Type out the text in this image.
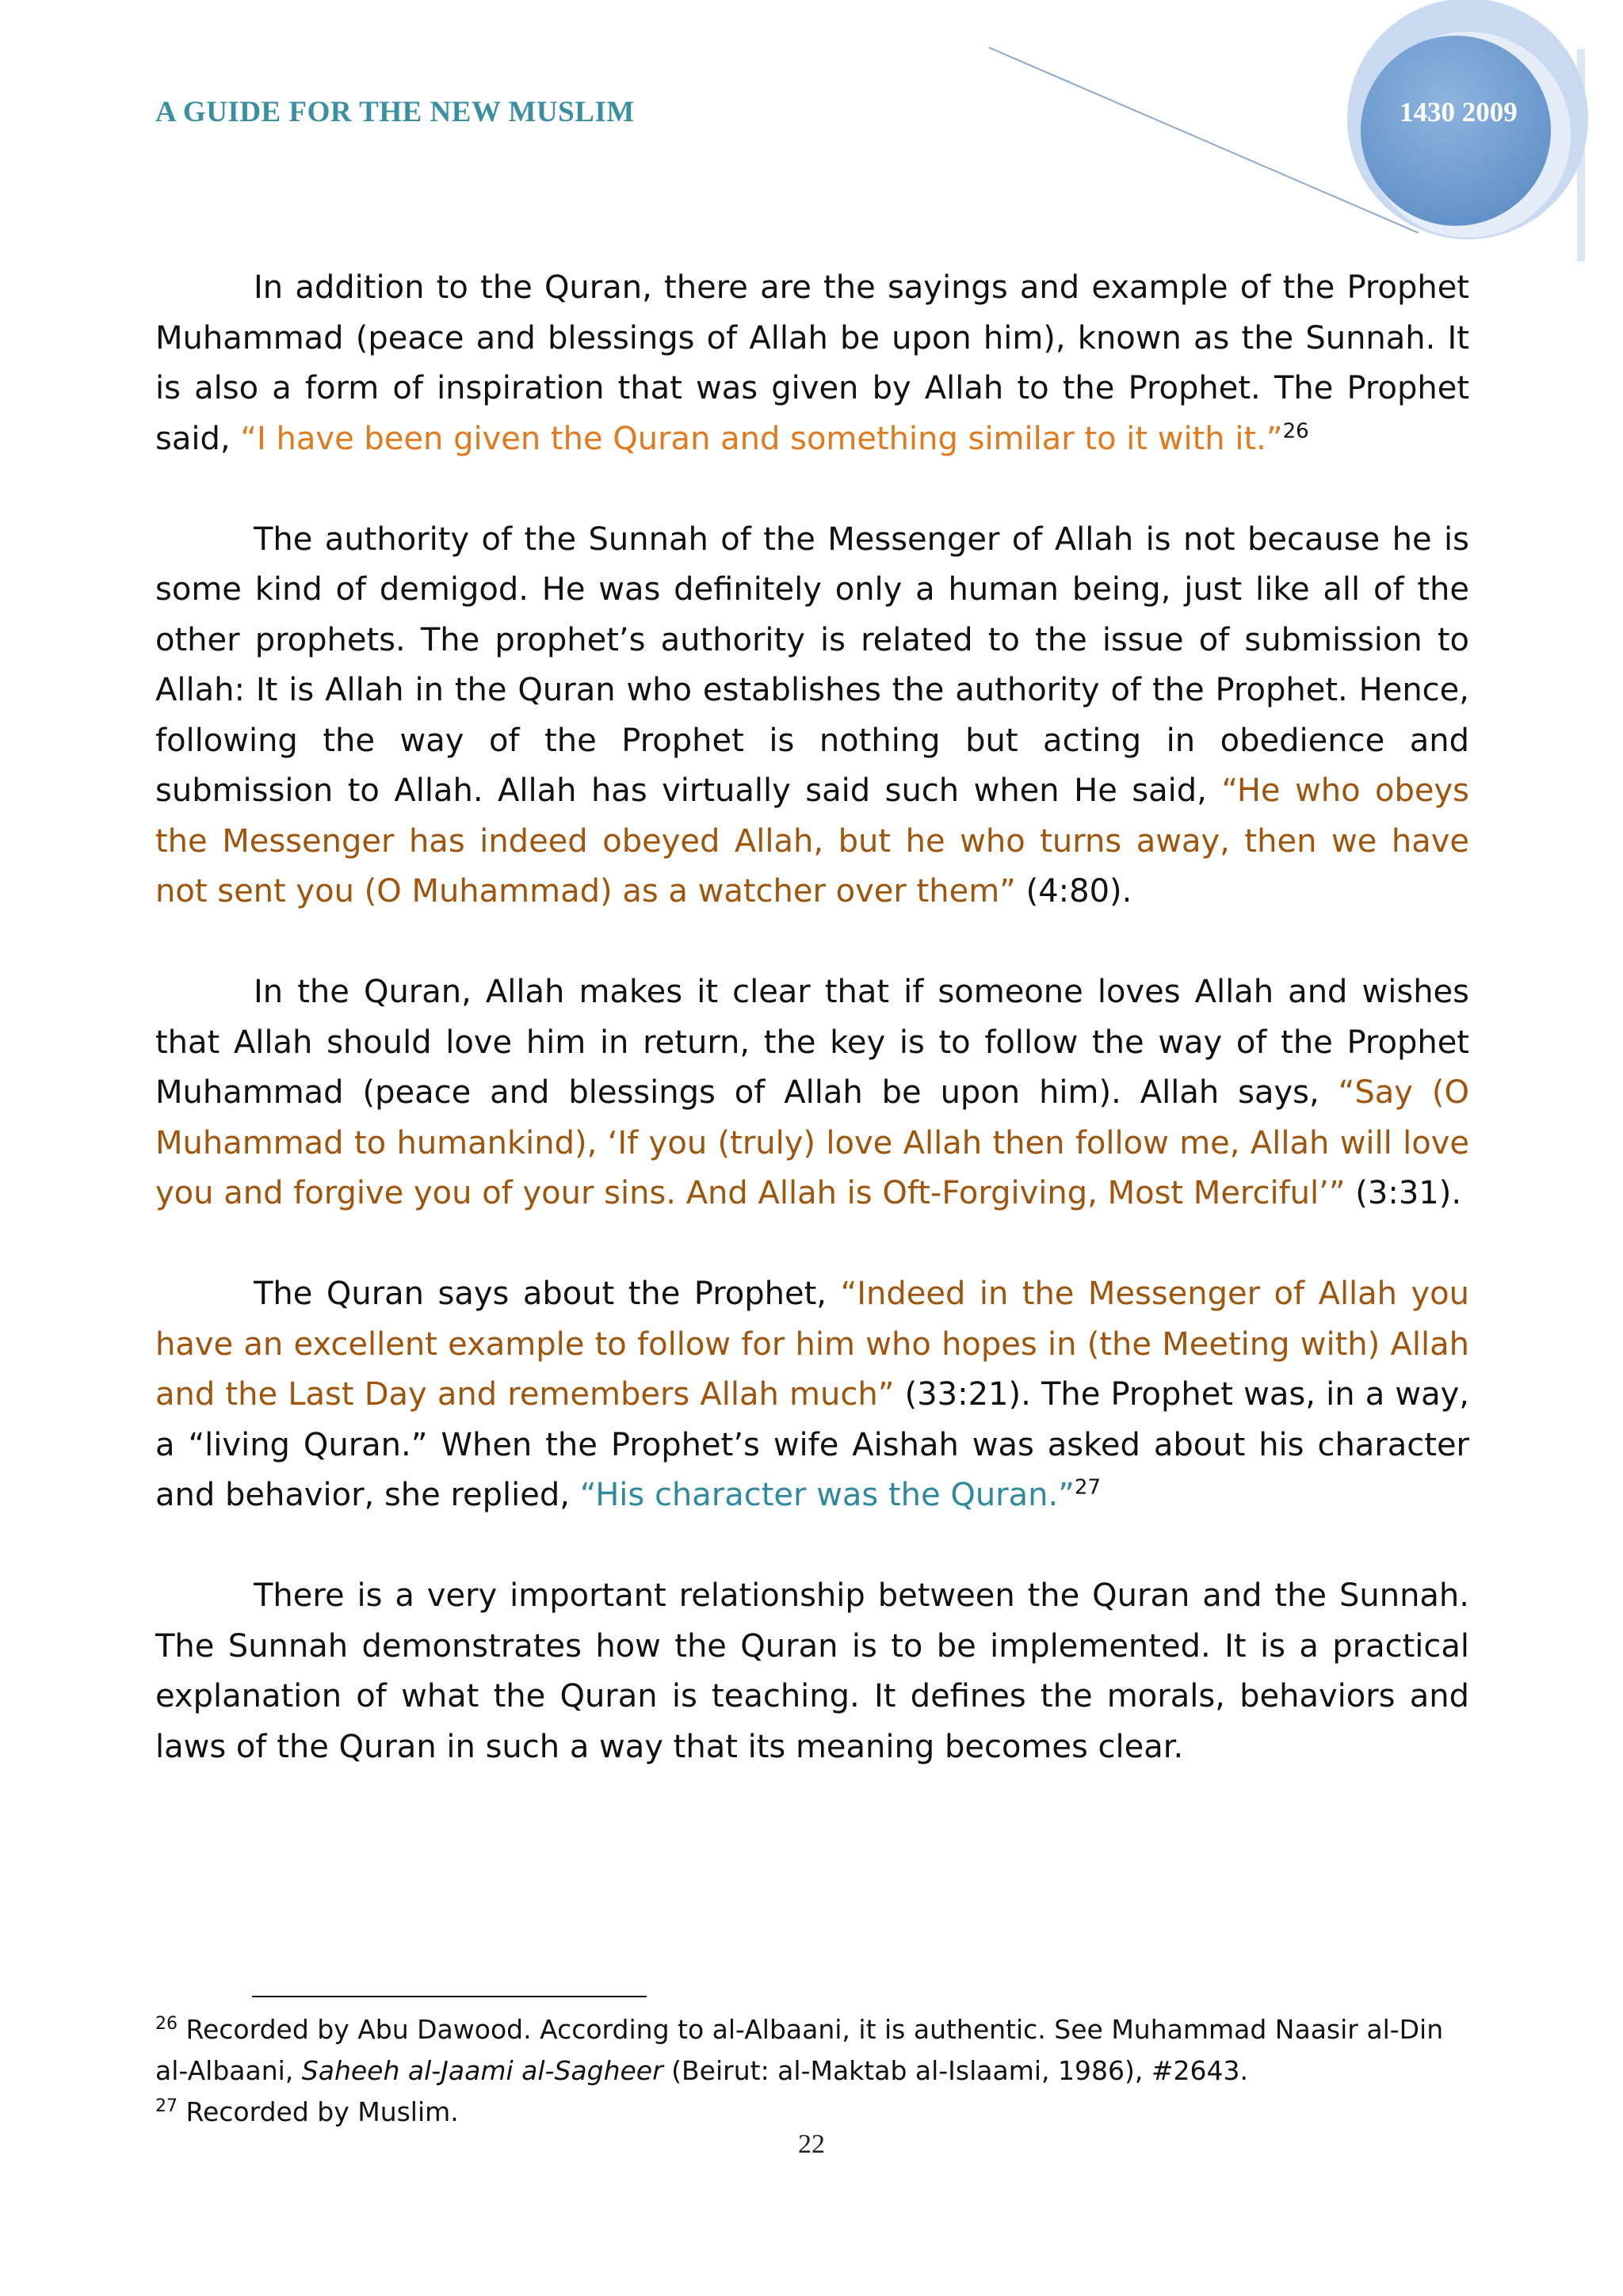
A GUIDE FOR THE NEW MUSLIM	1430 2009

In addition to the Quran, there are the sayings and example of the Prophet Muhammad (peace and blessings of Allah be upon him), known as the Sunnah. It is also a form of inspiration that was given by Allah to the Prophet. The Prophet said, “I have been given the Quran and something similar to it with it.”$^{26}$

The authority of the Sunnah of the Messenger of Allah is not because he is some kind of demigod. He was definitely only a human being, just like all of the other prophets. The prophet’s authority is related to the issue of submission to Allah: It is Allah in the Quran who establishes the authority of the Prophet. Hence, following the way of the Prophet is nothing but acting in obedience and submission to Allah. Allah has virtually said such when He said, “He who obeys the Messenger has indeed obeyed Allah, but he who turns away, then we have not sent you (O Muhammad) as a watcher over them” (4:80).

In the Quran, Allah makes it clear that if someone loves Allah and wishes that Allah should love him in return, the key is to follow the way of the Prophet Muhammad (peace and blessings of Allah be upon him). Allah says, “Say (O Muhammad to humankind), ‘If you (truly) love Allah then follow me, Allah will love you and forgive you of your sins. And Allah is Oft-Forgiving, Most Merciful’” (3:31).

The Quran says about the Prophet, “Indeed in the Messenger of Allah you have an excellent example to follow for him who hopes in (the Meeting with) Allah and the Last Day and remembers Allah much” (33:21). The Prophet was, in a way, a “living Quran.” When the Prophet’s wife Aishah was asked about his character and behavior, she replied, “His character was the Quran.”$^{27}$

There is a very important relationship between the Quran and the Sunnah. The Sunnah demonstrates how the Quran is to be implemented. It is a practical explanation of what the Quran is teaching. It defines the morals, behaviors and laws of the Quran in such a way that its meaning becomes clear.

$^{26}$ Recorded by Abu Dawood. According to al-Albaani, it is authentic. See Muhammad Naasir al-Din al-Albaani, Saheeh al-Jaami al-Sagheer (Beirut: al-Maktab al-Islaami, 1986), #2643.

$^{27}$ Recorded by Muslim.

22
